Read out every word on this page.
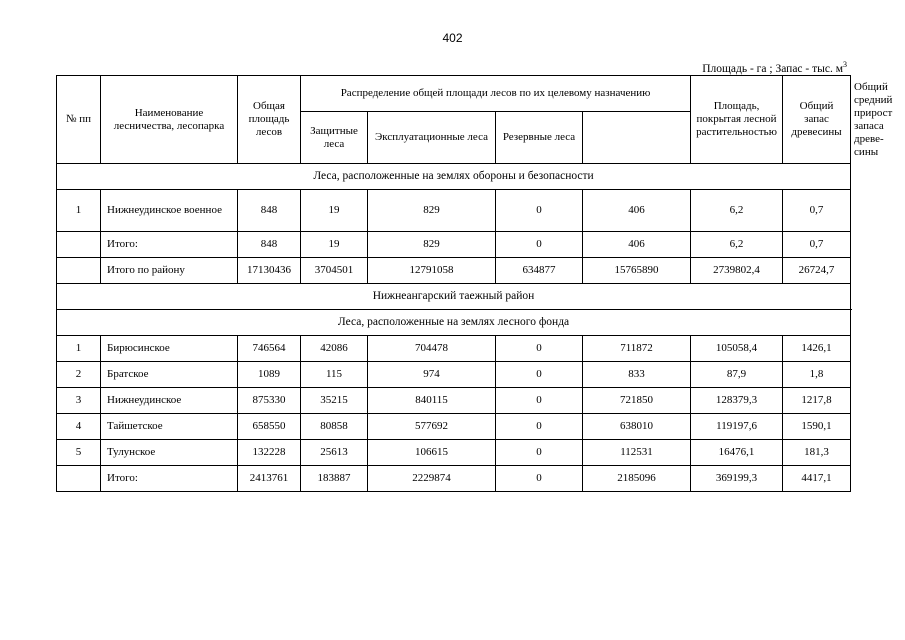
402
Площадь - га ; Запас - тыс. $м^3$
№ пп	Наименование лесничества, лесопарка	Общая площадь лесов	Распределение общей площади лесов по их целевому назначению				Площадь, покрытая лесной растительностью	Общий запас древесины	Общий средний прирост запаса древе-сины
			Защитные леса	Эксплуатационные леса	Резервные леса				
Леса, расположенные на землях обороны и безопасности									
1	Нижнеудинское военное	848	19	829	0	406	6,2	0,7	
	Итого:	848	19	829	0	406	6,2	0,7	
	Итого по району	17130436	3704501	12791058	634877	15765890	2739802,4	26724,7	
Нижнеангарский таежный район									
Леса, расположенные на землях лесного фонда									
1	Бирюсинское	746564	42086	704478	0	711872	105058,4	1426,1	
2	Братское	1089	115	974	0	833	87,9	1,8	
3	Нижнеудинское	875330	35215	840115	0	721850	128379,3	1217,8	
4	Тайшетское	658550	80858	577692	0	638010	119197,6	1590,1	
5	Тулунское	132228	25613	106615	0	112531	16476,1	181,3	
	Итого:	2413761	183887	2229874	0	2185096	369199,3	4417,1	
